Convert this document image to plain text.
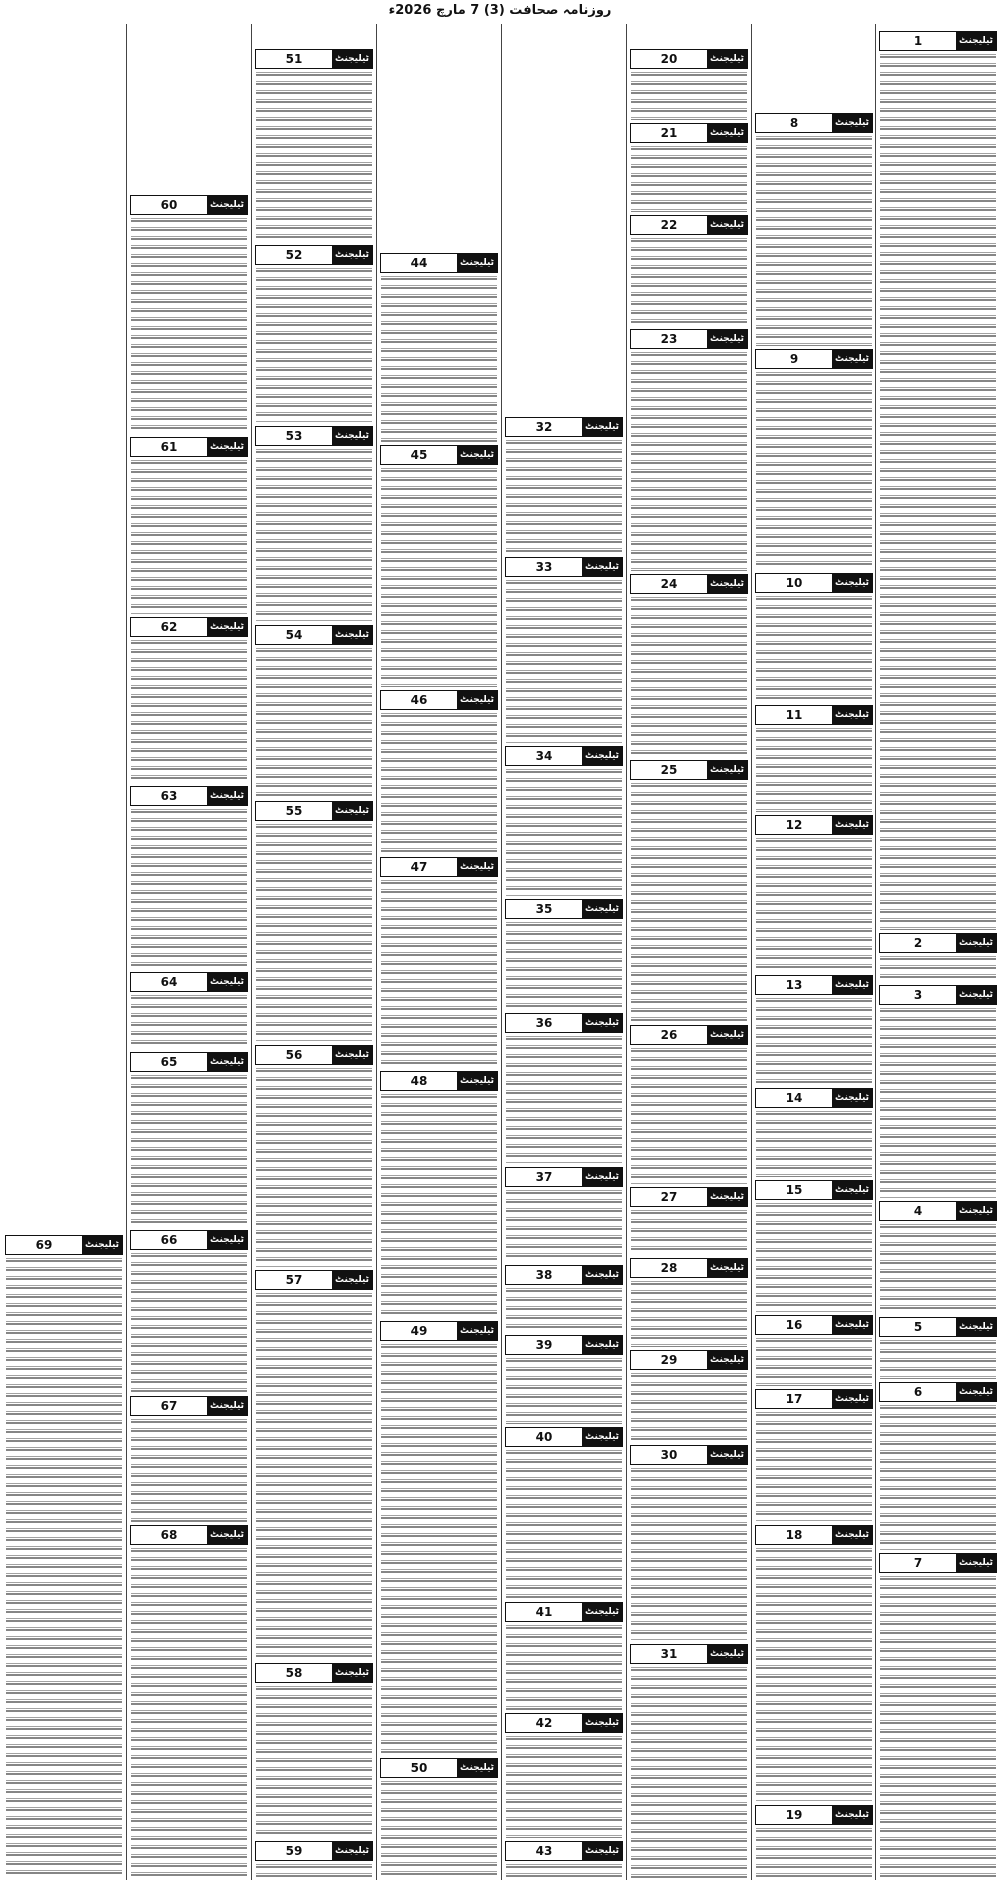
روزنامہ صحافت (3) 7 مارچ 2026ء
ٹیلیجنٹ
1
ٹیلیجنٹ
2
ٹیلیجنٹ
3
ٹیلیجنٹ
4
ٹیلیجنٹ
5
ٹیلیجنٹ
6
ٹیلیجنٹ
7
ٹیلیجنٹ
8
ٹیلیجنٹ
9
ٹیلیجنٹ
10
ٹیلیجنٹ
11
ٹیلیجنٹ
12
ٹیلیجنٹ
13
ٹیلیجنٹ
14
ٹیلیجنٹ
15
ٹیلیجنٹ
16
ٹیلیجنٹ
17
ٹیلیجنٹ
18
ٹیلیجنٹ
19
ٹیلیجنٹ
20
ٹیلیجنٹ
21
ٹیلیجنٹ
22
ٹیلیجنٹ
23
ٹیلیجنٹ
24
ٹیلیجنٹ
25
ٹیلیجنٹ
26
ٹیلیجنٹ
27
ٹیلیجنٹ
28
ٹیلیجنٹ
29
ٹیلیجنٹ
30
ٹیلیجنٹ
31
ٹیلیجنٹ
32
ٹیلیجنٹ
33
ٹیلیجنٹ
34
ٹیلیجنٹ
35
ٹیلیجنٹ
36
ٹیلیجنٹ
37
ٹیلیجنٹ
38
ٹیلیجنٹ
39
ٹیلیجنٹ
40
ٹیلیجنٹ
41
ٹیلیجنٹ
42
ٹیلیجنٹ
43
ٹیلیجنٹ
44
ٹیلیجنٹ
45
ٹیلیجنٹ
46
ٹیلیجنٹ
47
ٹیلیجنٹ
48
ٹیلیجنٹ
49
ٹیلیجنٹ
50
ٹیلیجنٹ
51
ٹیلیجنٹ
52
ٹیلیجنٹ
53
ٹیلیجنٹ
54
ٹیلیجنٹ
55
ٹیلیجنٹ
56
ٹیلیجنٹ
57
ٹیلیجنٹ
58
ٹیلیجنٹ
59
ٹیلیجنٹ
60
ٹیلیجنٹ
61
ٹیلیجنٹ
62
ٹیلیجنٹ
63
ٹیلیجنٹ
64
ٹیلیجنٹ
65
ٹیلیجنٹ
66
ٹیلیجنٹ
67
ٹیلیجنٹ
68
ٹیلیجنٹ
69
